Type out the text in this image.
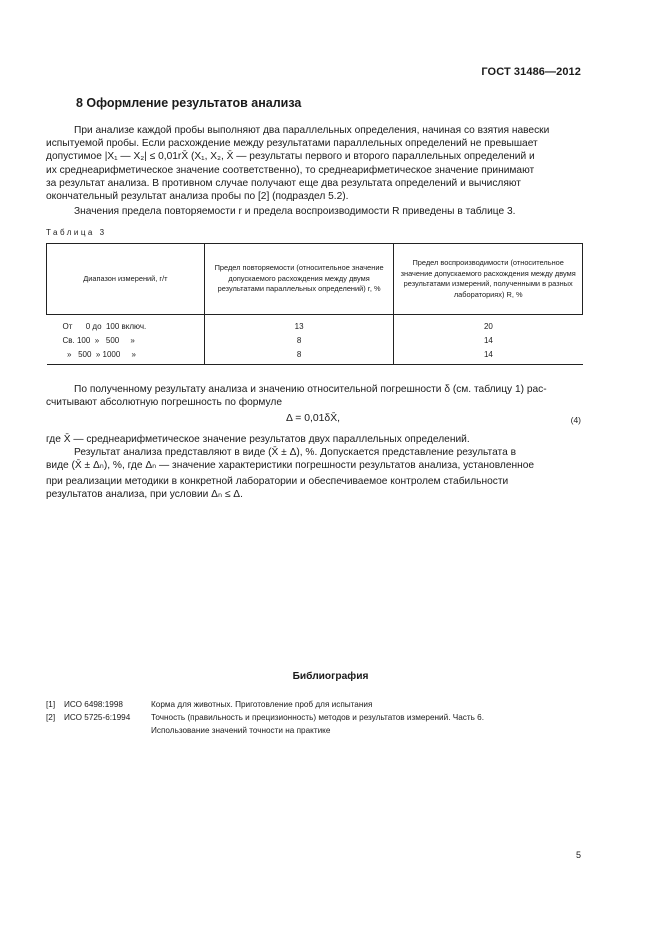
ГОСТ 31486—2012
8 Оформление результатов анализа
При анализе каждой пробы выполняют два параллельных определения, начиная со взятия навески
испытуемой пробы. Если расхождение между результатами параллельных определений не превышает
допустимое |X₁ — X₂| ≤ 0,01rX̄ (X₁, X₂, X̄ — результаты первого и второго параллельных определений и
их среднеарифметическое значение соответственно), то среднеарифметическое значение принимают
за результат анализа. В противном случае получают еще два результата определений и вычисляют
окончательный результат анализа пробы по [2] (подраздел 5.2).
Значения предела повторяемости r и предела воспроизводимости R приведены в таблице 3.
Таблица 3
Диапазон измерений, г/т	Предел повторяемости (относительное значение допускаемого расхождения между двумя результатами параллельных определений) r, %	Предел воспроизводимости (относительное значение допускаемого расхождения между двумя результатами измерений, полученными в разных лабораториях) R, %
От      0 до  100 включ.	13	20
Св. 100  »   500     »	8	14
»   500  » 1000     »	8	14
По полученному результату анализа и значению относительной погрешности δ (см. таблицу 1) рас-
считывают абсолютную погрешность по формуле
Δ = 0,01δX̄,	(4)
где X̄ — среднеарифметическое значение результатов двух параллельных определений.
Результат анализа представляют в виде (X̄ ± Δ), %. Допускается представление результата в
виде (X̄ ± Δₙ), %, где Δₙ — значение характеристики погрешности результатов анализа, установленное
при реализации методики в конкретной лаборатории и обеспечиваемое контролем стабильности
результатов анализа, при условии Δₙ ≤ Δ.
Библиография
[1] ИСО 6498:1998	Корма для животных. Приготовление проб для испытания
[2] ИСО 5725-6:1994	Точность (правильность и прецизионность) методов и результатов измерений. Часть 6.
Использование значений точности на практике
5
